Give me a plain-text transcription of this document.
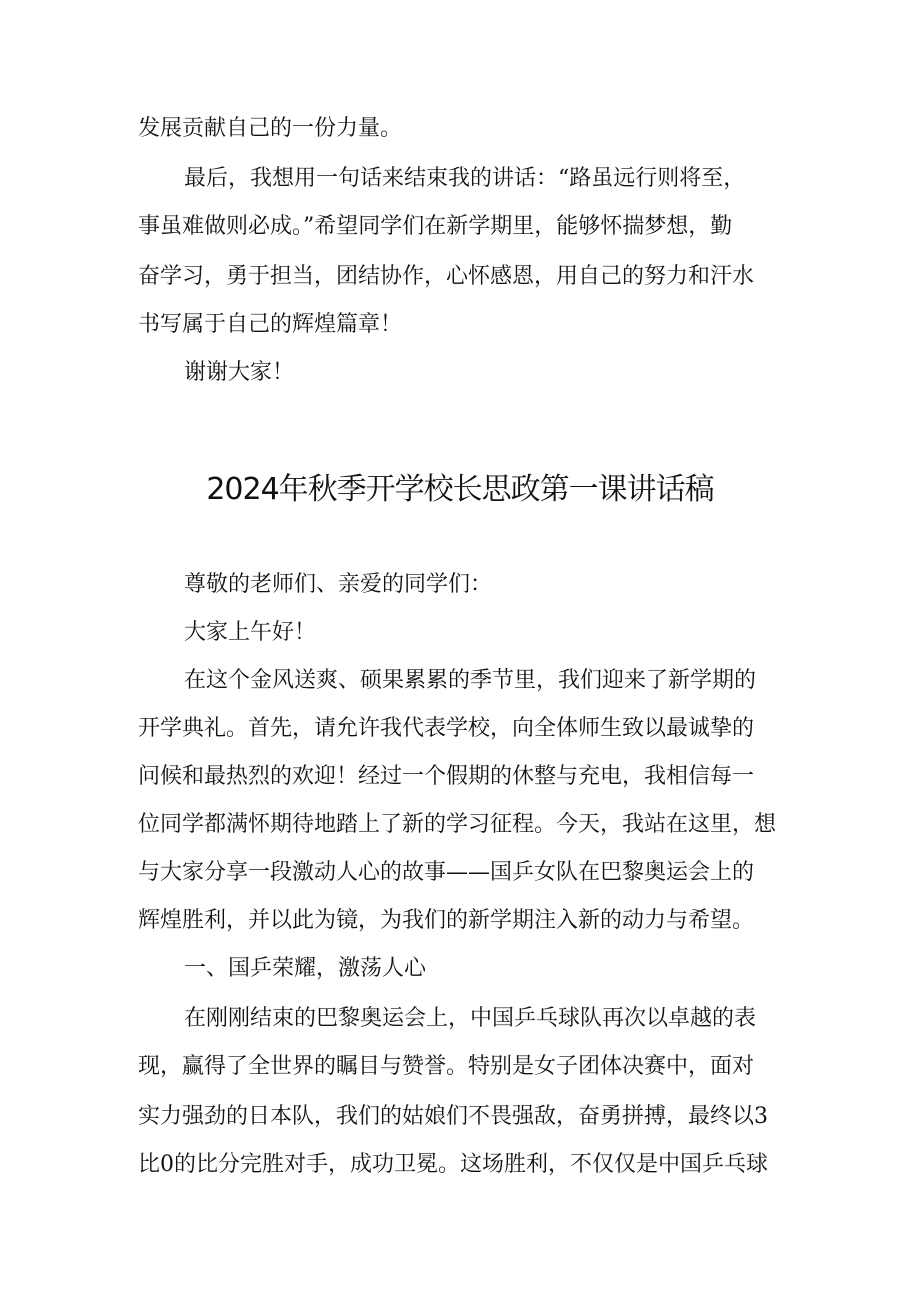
发展贡献自己的一份力量。
最后，我想用一句话来结束我的讲话：“路虽远行则将至，
事虽难做则必成。”希望同学们在新学期里，能够怀揣梦想，勤
奋学习，勇于担当，团结协作，心怀感恩，用自己的努力和汗水
书写属于自己的辉煌篇章！
谢谢大家！
2024年秋季开学校长思政第一课讲话稿
尊敬的老师们、亲爱的同学们：
大家上午好！
在这个金风送爽、硕果累累的季节里，我们迎来了新学期的
开学典礼。首先，请允许我代表学校，向全体师生致以最诚挚的
问候和最热烈的欢迎！经过一个假期的休整与充电，我相信每一
位同学都满怀期待地踏上了新的学习征程。今天，我站在这里，想
与大家分享一段激动人心的故事——国乒女队在巴黎奥运会上的
辉煌胜利，并以此为镜，为我们的新学期注入新的动力与希望。
一、国乒荣耀，激荡人心
在刚刚结束的巴黎奥运会上，中国乒乓球队再次以卓越的表
现，赢得了全世界的瞩目与赞誉。特别是女子团体决赛中，面对
实力强劲的日本队，我们的姑娘们不畏强敌，奋勇拼搏，最终以3
比0的比分完胜对手，成功卫冕。这场胜利，不仅仅是中国乒乓球
